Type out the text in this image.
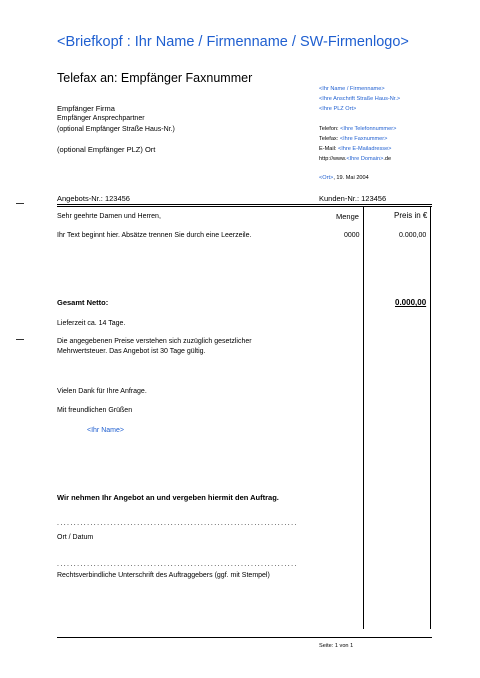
<Briefkopf : Ihr Name / Firmenname / SW-Firmenlogo>
Telefax an: Empfänger Faxnummer
Empfänger Firma
Empfänger Ansprechpartner
(optional Empfänger Straße Haus-Nr.)
(optional Empfänger PLZ) Ort
<Ihr Name / Firmenname>
<Ihre Anschrift Straße Haus-Nr.>
<Ihre PLZ Ort>
Telefon: <Ihre Telefonnummer>
Telefax: <Ihre Faxnummer>
E-Mail: <Ihre E-Mailadresse>
http://www.<Ihre Domain>.de
<Ort>, 19. Mai 2004
Angebots-Nr.: 123456	Kunden-Nr.: 123456
Sehr geehrte Damen und Herren,	Menge	Preis in €
Ihr Text beginnt hier. Absätze trennen Sie durch eine Leerzeile.	0000	0.000,00
Gesamt Netto:	0.000,00
Lieferzeit ca. 14 Tage.
Die angegebenen Preise verstehen sich zuzüglich gesetzlicher
Mehrwertsteuer. Das Angebot ist 30 Tage gültig.
Vielen Dank für Ihre Anfrage.
Mit freundlichen Grüßen
<Ihr Name>
Wir nehmen Ihr Angebot an und vergeben hiermit den Auftrag.
........................................................................
Ort / Datum
........................................................................
Rechtsverbindliche Unterschrift des Auftraggebers (ggf. mit Stempel)
Seite: 1 von 1
